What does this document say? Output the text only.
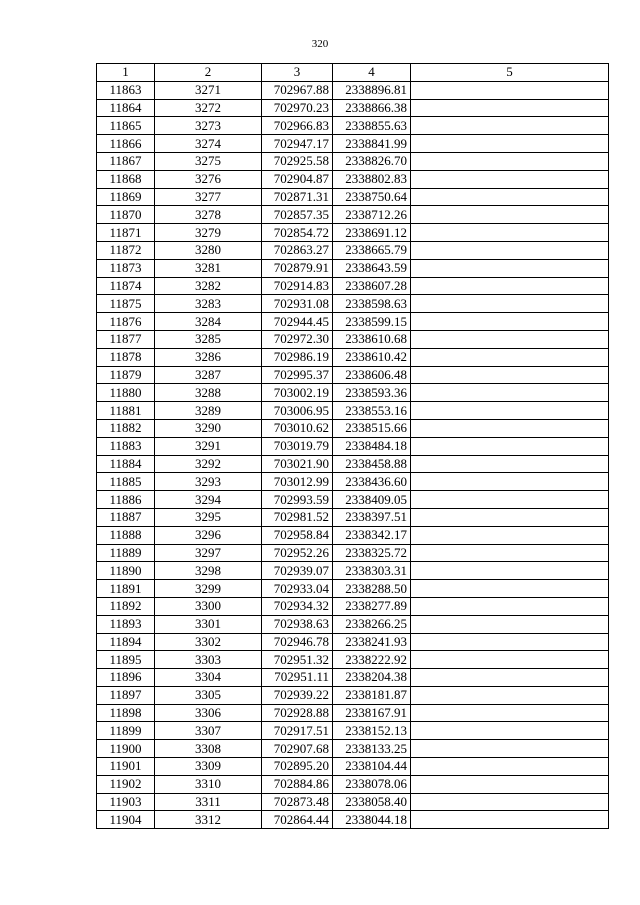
320
1	2	3	4	5
11863	3271	702967.88	2338896.81	
11864	3272	702970.23	2338866.38	
11865	3273	702966.83	2338855.63	
11866	3274	702947.17	2338841.99	
11867	3275	702925.58	2338826.70	
11868	3276	702904.87	2338802.83	
11869	3277	702871.31	2338750.64	
11870	3278	702857.35	2338712.26	
11871	3279	702854.72	2338691.12	
11872	3280	702863.27	2338665.79	
11873	3281	702879.91	2338643.59	
11874	3282	702914.83	2338607.28	
11875	3283	702931.08	2338598.63	
11876	3284	702944.45	2338599.15	
11877	3285	702972.30	2338610.68	
11878	3286	702986.19	2338610.42	
11879	3287	702995.37	2338606.48	
11880	3288	703002.19	2338593.36	
11881	3289	703006.95	2338553.16	
11882	3290	703010.62	2338515.66	
11883	3291	703019.79	2338484.18	
11884	3292	703021.90	2338458.88	
11885	3293	703012.99	2338436.60	
11886	3294	702993.59	2338409.05	
11887	3295	702981.52	2338397.51	
11888	3296	702958.84	2338342.17	
11889	3297	702952.26	2338325.72	
11890	3298	702939.07	2338303.31	
11891	3299	702933.04	2338288.50	
11892	3300	702934.32	2338277.89	
11893	3301	702938.63	2338266.25	
11894	3302	702946.78	2338241.93	
11895	3303	702951.32	2338222.92	
11896	3304	702951.11	2338204.38	
11897	3305	702939.22	2338181.87	
11898	3306	702928.88	2338167.91	
11899	3307	702917.51	2338152.13	
11900	3308	702907.68	2338133.25	
11901	3309	702895.20	2338104.44	
11902	3310	702884.86	2338078.06	
11903	3311	702873.48	2338058.40	
11904	3312	702864.44	2338044.18	
